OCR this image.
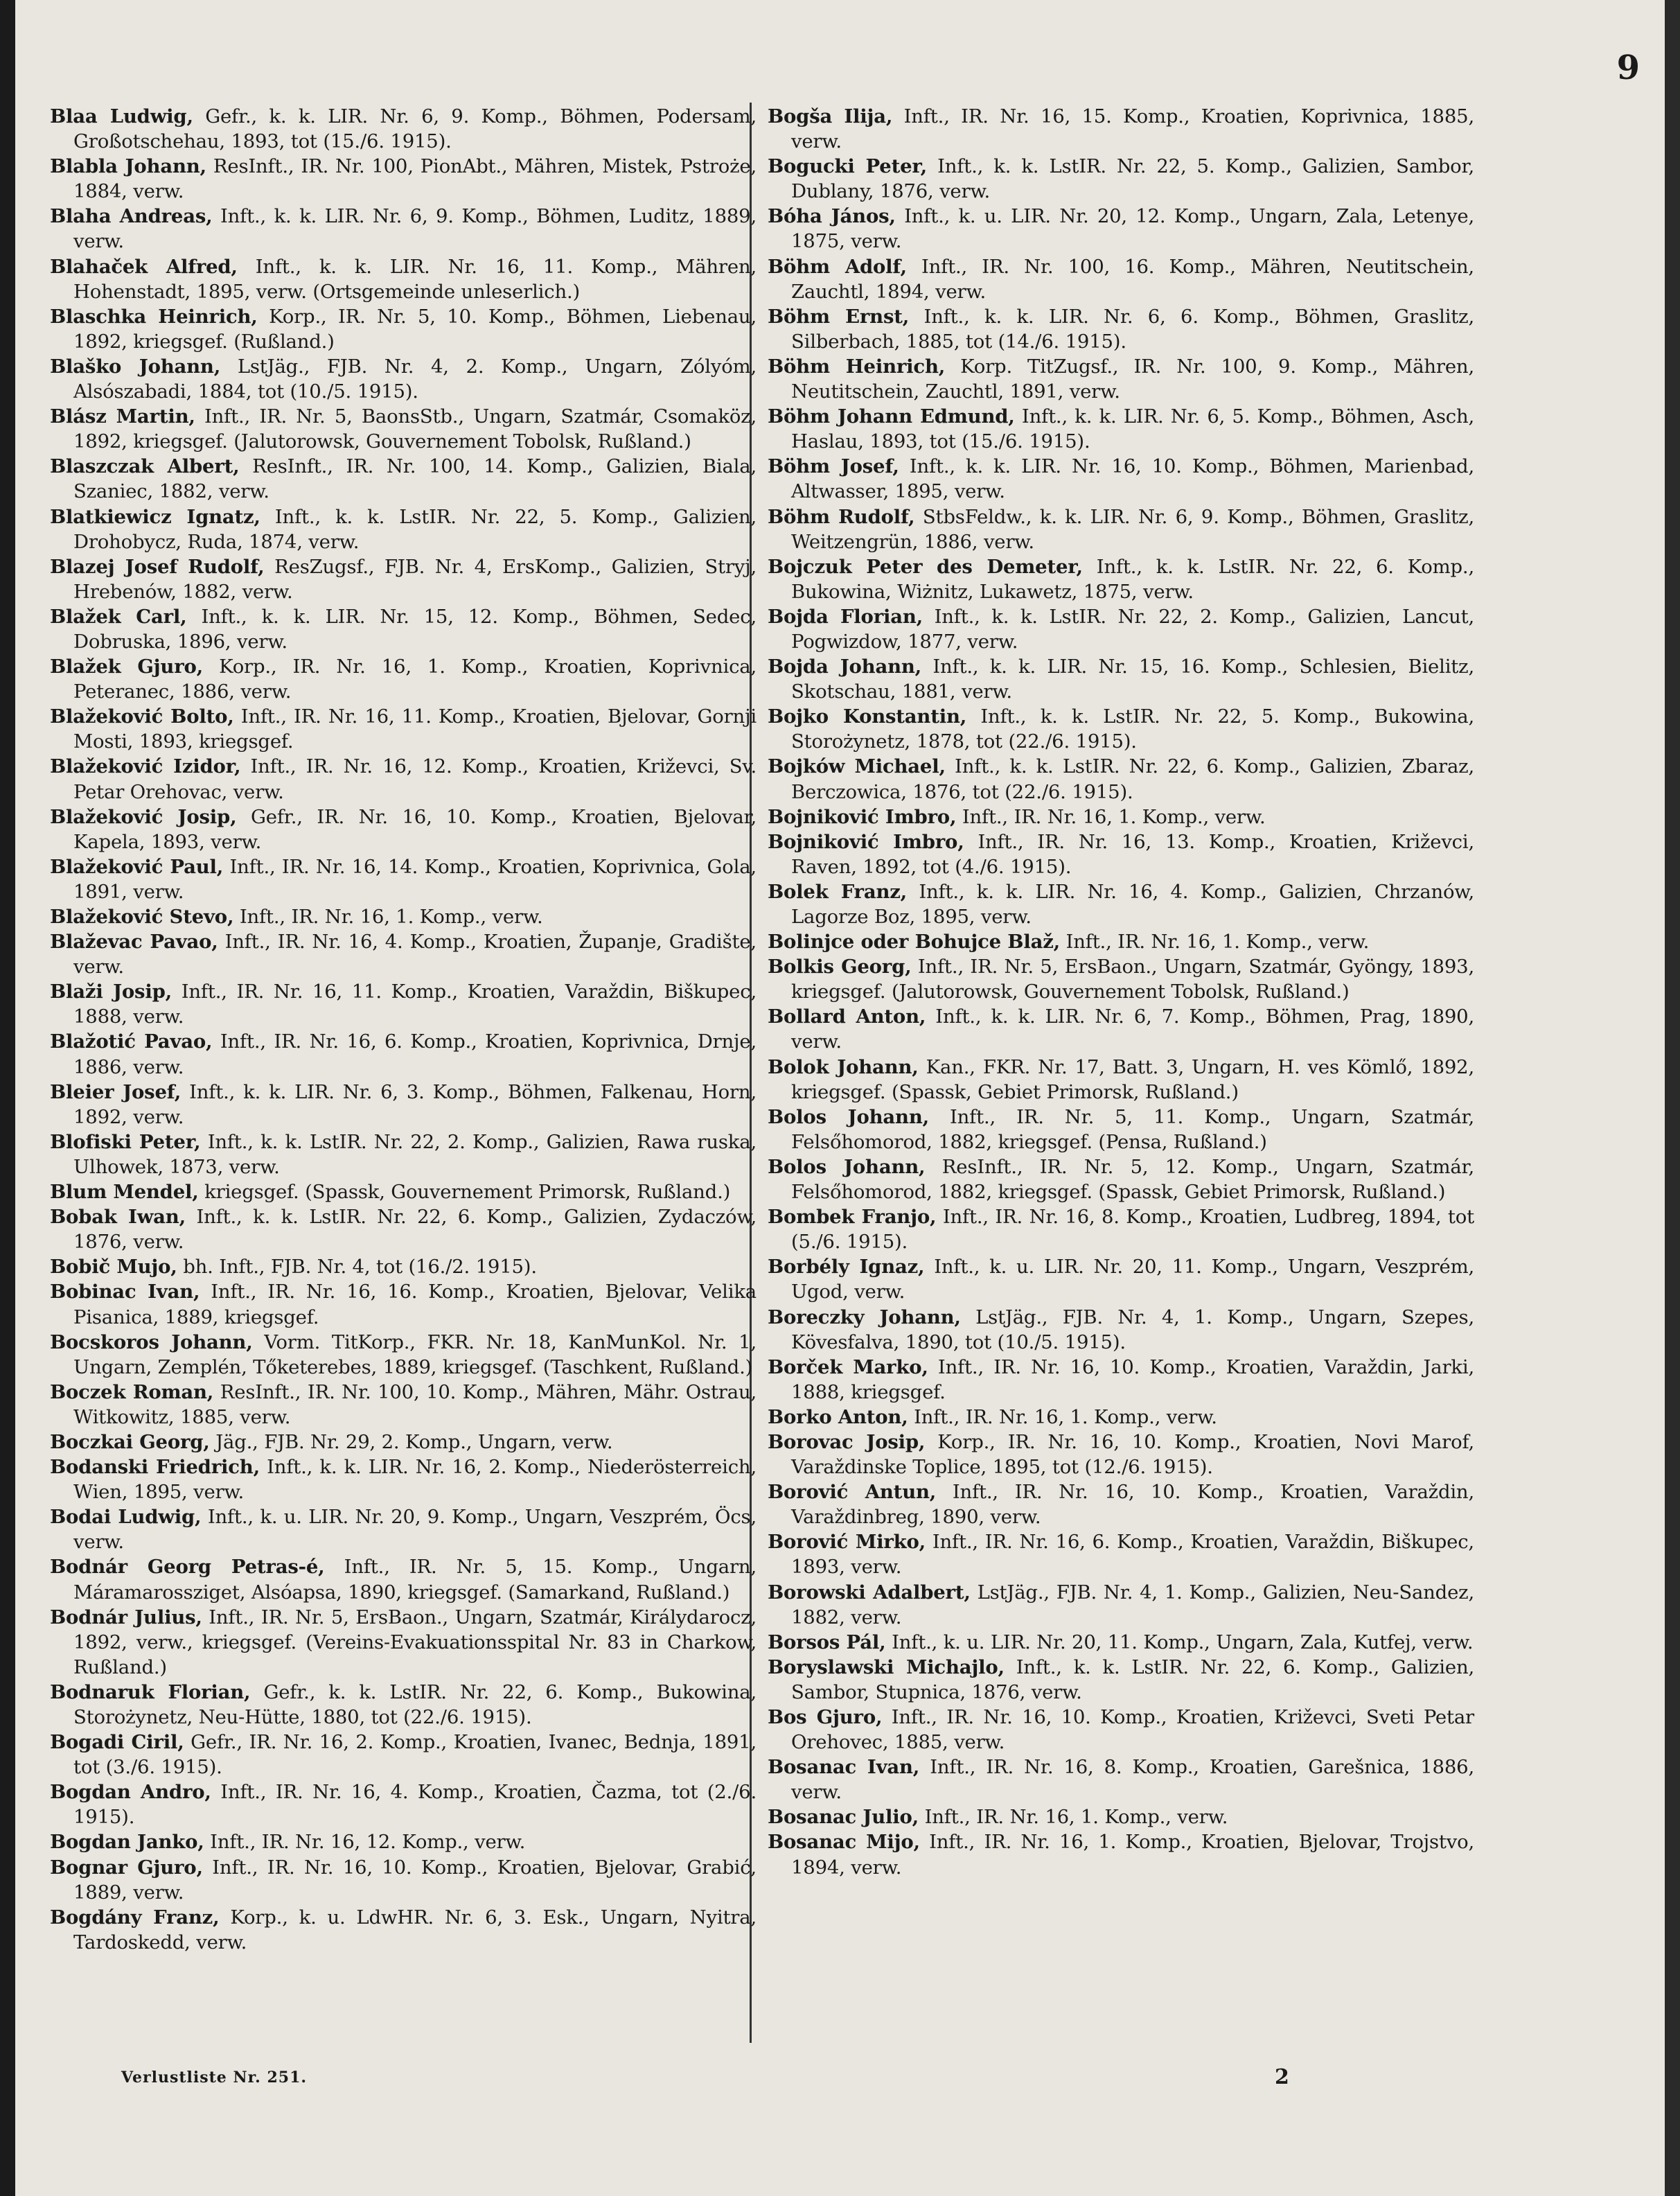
9

Blaa Ludwig, Gefr., k. k. LIR. Nr. 6, 9. Komp., Böhmen, Podersam, Großotschehau, 1893, tot (15./6. 1915).

Blabla Johann, ResInft., IR. Nr. 100, PionAbt., Mähren, Mistek, Pstroże, 1884, verw.

Blaha Andreas, Inft., k. k. LIR. Nr. 6, 9. Komp., Böhmen, Luditz, 1889, verw.

Blahaček Alfred, Inft., k. k. LIR. Nr. 16, 11. Komp., Mähren, Hohenstadt, 1895, verw. (Ortsgemeinde unleserlich.)

Blaschka Heinrich, Korp., IR. Nr. 5, 10. Komp., Böhmen, Liebenau, 1892, kriegsgef. (Rußland.)

Blaško Johann, LstJäg., FJB. Nr. 4, 2. Komp., Ungarn, Zólyóm, Alsószabadi, 1884, tot (10./5. 1915).

Blász Martin, Inft., IR. Nr. 5, BaonsStb., Ungarn, Szatmár, Csomaköz, 1892, kriegsgef. (Jalutorowsk, Gouvernement Tobolsk, Rußland.)

Blaszczak Albert, ResInft., IR. Nr. 100, 14. Komp., Galizien, Biala, Szaniec, 1882, verw.

Blatkiewicz Ignatz, Inft., k. k. LstIR. Nr. 22, 5. Komp., Galizien, Drohobycz, Ruda, 1874, verw.

Blazej Josef Rudolf, ResZugsf., FJB. Nr. 4, ErsKomp., Galizien, Stryj, Hrebenów, 1882, verw.

Blažek Carl, Inft., k. k. LIR. Nr. 15, 12. Komp., Böhmen, Sedec, Dobruska, 1896, verw.

Blažek Gjuro, Korp., IR. Nr. 16, 1. Komp., Kroatien, Koprivnica, Peteranec, 1886, verw.

Blažeković Bolto, Inft., IR. Nr. 16, 11. Komp., Kroatien, Bjelovar, Gornji Mosti, 1893, kriegsgef.

Blažeković Izidor, Inft., IR. Nr. 16, 12. Komp., Kroatien, Križevci, Sv. Petar Orehovac, verw.

Blažeković Josip, Gefr., IR. Nr. 16, 10. Komp., Kroatien, Bjelovar, Kapela, 1893, verw.

Blažeković Paul, Inft., IR. Nr. 16, 14. Komp., Kroatien, Koprivnica, Gola, 1891, verw.

Blažeković Stevo, Inft., IR. Nr. 16, 1. Komp., verw.

Blaževac Pavao, Inft., IR. Nr. 16, 4. Komp., Kroatien, Županje, Gradište, verw.

Blaži Josip, Inft., IR. Nr. 16, 11. Komp., Kroatien, Varaždin, Biškupec, 1888, verw.

Blažotić Pavao, Inft., IR. Nr. 16, 6. Komp., Kroatien, Koprivnica, Drnje, 1886, verw.

Bleier Josef, Inft., k. k. LIR. Nr. 6, 3. Komp., Böhmen, Falkenau, Horn, 1892, verw.

Blofiski Peter, Inft., k. k. LstIR. Nr. 22, 2. Komp., Galizien, Rawa ruska, Ulhowek, 1873, verw.

Blum Mendel, kriegsgef. (Spassk, Gouvernement Primorsk, Rußland.)

Bobak Iwan, Inft., k. k. LstIR. Nr. 22, 6. Komp., Galizien, Zydaczów, 1876, verw.

Bobič Mujo, bh. Inft., FJB. Nr. 4, tot (16./2. 1915).

Bobinac Ivan, Inft., IR. Nr. 16, 16. Komp., Kroatien, Bjelovar, Velika Pisanica, 1889, kriegsgef.

Bocskoros Johann, Vorm. TitKorp., FKR. Nr. 18, KanMunKol. Nr. 1, Ungarn, Zemplén, Tőketerebes, 1889, kriegsgef. (Taschkent, Rußland.)

Boczek Roman, ResInft., IR. Nr. 100, 10. Komp., Mähren, Mähr. Ostrau, Witkowitz, 1885, verw.

Boczkai Georg, Jäg., FJB. Nr. 29, 2. Komp., Ungarn, verw.

Bodanski Friedrich, Inft., k. k. LIR. Nr. 16, 2. Komp., Niederösterreich, Wien, 1895, verw.

Bodai Ludwig, Inft., k. u. LIR. Nr. 20, 9. Komp., Ungarn, Veszprém, Öcs, verw.

Bodnár Georg Petras-é, Inft., IR. Nr. 5, 15. Komp., Ungarn, Máramarossziget, Alsóapsa, 1890, kriegsgef. (Samarkand, Rußland.)

Bodnár Julius, Inft., IR. Nr. 5, ErsBaon., Ungarn, Szatmár, Királydarocz, 1892, verw., kriegsgef. (Vereins-Evakuationsspital Nr. 83 in Charkow, Rußland.)

Bodnaruk Florian, Gefr., k. k. LstIR. Nr. 22, 6. Komp., Bukowina, Storożynetz, Neu-Hütte, 1880, tot (22./6. 1915).

Bogadi Ciril, Gefr., IR. Nr. 16, 2. Komp., Kroatien, Ivanec, Bednja, 1891, tot (3./6. 1915).

Bogdan Andro, Inft., IR. Nr. 16, 4. Komp., Kroatien, Čazma, tot (2./6. 1915).

Bogdan Janko, Inft., IR. Nr. 16, 12. Komp., verw.

Bognar Gjuro, Inft., IR. Nr. 16, 10. Komp., Kroatien, Bjelovar, Grabić, 1889, verw.

Bogdány Franz, Korp., k. u. LdwHR. Nr. 6, 3. Esk., Ungarn, Nyitra, Tardoskedd, verw.

Bogša Ilija, Inft., IR. Nr. 16, 15. Komp., Kroatien, Koprivnica, 1885, verw.

Bogucki Peter, Inft., k. k. LstIR. Nr. 22, 5. Komp., Galizien, Sambor, Dublany, 1876, verw.

Bóha János, Inft., k. u. LIR. Nr. 20, 12. Komp., Ungarn, Zala, Letenye, 1875, verw.

Böhm Adolf, Inft., IR. Nr. 100, 16. Komp., Mähren, Neutitschein, Zauchtl, 1894, verw.

Böhm Ernst, Inft., k. k. LIR. Nr. 6, 6. Komp., Böhmen, Graslitz, Silberbach, 1885, tot (14./6. 1915).

Böhm Heinrich, Korp. TitZugsf., IR. Nr. 100, 9. Komp., Mähren, Neutitschein, Zauchtl, 1891, verw.

Böhm Johann Edmund, Inft., k. k. LIR. Nr. 6, 5. Komp., Böhmen, Asch, Haslau, 1893, tot (15./6. 1915).

Böhm Josef, Inft., k. k. LIR. Nr. 16, 10. Komp., Böhmen, Marienbad, Altwasser, 1895, verw.

Böhm Rudolf, StbsFeldw., k. k. LIR. Nr. 6, 9. Komp., Böhmen, Graslitz, Weitzengrün, 1886, verw.

Bojczuk Peter des Demeter, Inft., k. k. LstIR. Nr. 22, 6. Komp., Bukowina, Wiżnitz, Lukawetz, 1875, verw.

Bojda Florian, Inft., k. k. LstIR. Nr. 22, 2. Komp., Galizien, Lancut, Pogwizdow, 1877, verw.

Bojda Johann, Inft., k. k. LIR. Nr. 15, 16. Komp., Schlesien, Bielitz, Skotschau, 1881, verw.

Bojko Konstantin, Inft., k. k. LstIR. Nr. 22, 5. Komp., Bukowina, Storożynetz, 1878, tot (22./6. 1915).

Bojków Michael, Inft., k. k. LstIR. Nr. 22, 6. Komp., Galizien, Zbaraz, Berczowica, 1876, tot (22./6. 1915).

Bojniković Imbro, Inft., IR. Nr. 16, 1. Komp., verw.

Bojniković Imbro, Inft., IR. Nr. 16, 13. Komp., Kroatien, Križevci, Raven, 1892, tot (4./6. 1915).

Bolek Franz, Inft., k. k. LIR. Nr. 16, 4. Komp., Galizien, Chrzanów, Lagorze Boz, 1895, verw.

Bolinjce oder Bohujce Blaž, Inft., IR. Nr. 16, 1. Komp., verw.

Bolkis Georg, Inft., IR. Nr. 5, ErsBaon., Ungarn, Szatmár, Gyöngy, 1893, kriegsgef. (Jalutorowsk, Gouvernement Tobolsk, Rußland.)

Bollard Anton, Inft., k. k. LIR. Nr. 6, 7. Komp., Böhmen, Prag, 1890, verw.

Bolok Johann, Kan., FKR. Nr. 17, Batt. 3, Ungarn, H. ves Kömlő, 1892, kriegsgef. (Spassk, Gebiet Primorsk, Rußland.)

Bolos Johann, Inft., IR. Nr. 5, 11. Komp., Ungarn, Szatmár, Felsőhomorod, 1882, kriegsgef. (Pensa, Rußland.)

Bolos Johann, ResInft., IR. Nr. 5, 12. Komp., Ungarn, Szatmár, Felsőhomorod, 1882, kriegsgef. (Spassk, Gebiet Primorsk, Rußland.)

Bombek Franjo, Inft., IR. Nr. 16, 8. Komp., Kroatien, Ludbreg, 1894, tot (5./6. 1915).

Borbély Ignaz, Inft., k. u. LIR. Nr. 20, 11. Komp., Ungarn, Veszprém, Ugod, verw.

Boreczky Johann, LstJäg., FJB. Nr. 4, 1. Komp., Ungarn, Szepes, Kövesfalva, 1890, tot (10./5. 1915).

Borček Marko, Inft., IR. Nr. 16, 10. Komp., Kroatien, Varaždin, Jarki, 1888, kriegsgef.

Borko Anton, Inft., IR. Nr. 16, 1. Komp., verw.

Borovac Josip, Korp., IR. Nr. 16, 10. Komp., Kroatien, Novi Marof, Varaždinske Toplice, 1895, tot (12./6. 1915).

Borović Antun, Inft., IR. Nr. 16, 10. Komp., Kroatien, Varaždin, Varaždinbreg, 1890, verw.

Borović Mirko, Inft., IR. Nr. 16, 6. Komp., Kroatien, Varaždin, Biškupec, 1893, verw.

Borowski Adalbert, LstJäg., FJB. Nr. 4, 1. Komp., Galizien, Neu-Sandez, 1882, verw.

Borsos Pál, Inft., k. u. LIR. Nr. 20, 11. Komp., Ungarn, Zala, Kutfej, verw.

Boryslawski Michajlo, Inft., k. k. LstIR. Nr. 22, 6. Komp., Galizien, Sambor, Stupnica, 1876, verw.

Bos Gjuro, Inft., IR. Nr. 16, 10. Komp., Kroatien, Križevci, Sveti Petar Orehovec, 1885, verw.

Bosanac Ivan, Inft., IR. Nr. 16, 8. Komp., Kroatien, Garešnica, 1886, verw.

Bosanac Julio, Inft., IR. Nr. 16, 1. Komp., verw.

Bosanac Mijo, Inft., IR. Nr. 16, 1. Komp., Kroatien, Bjelovar, Trojstvo, 1894, verw.

Verlustliste Nr. 251.	2
